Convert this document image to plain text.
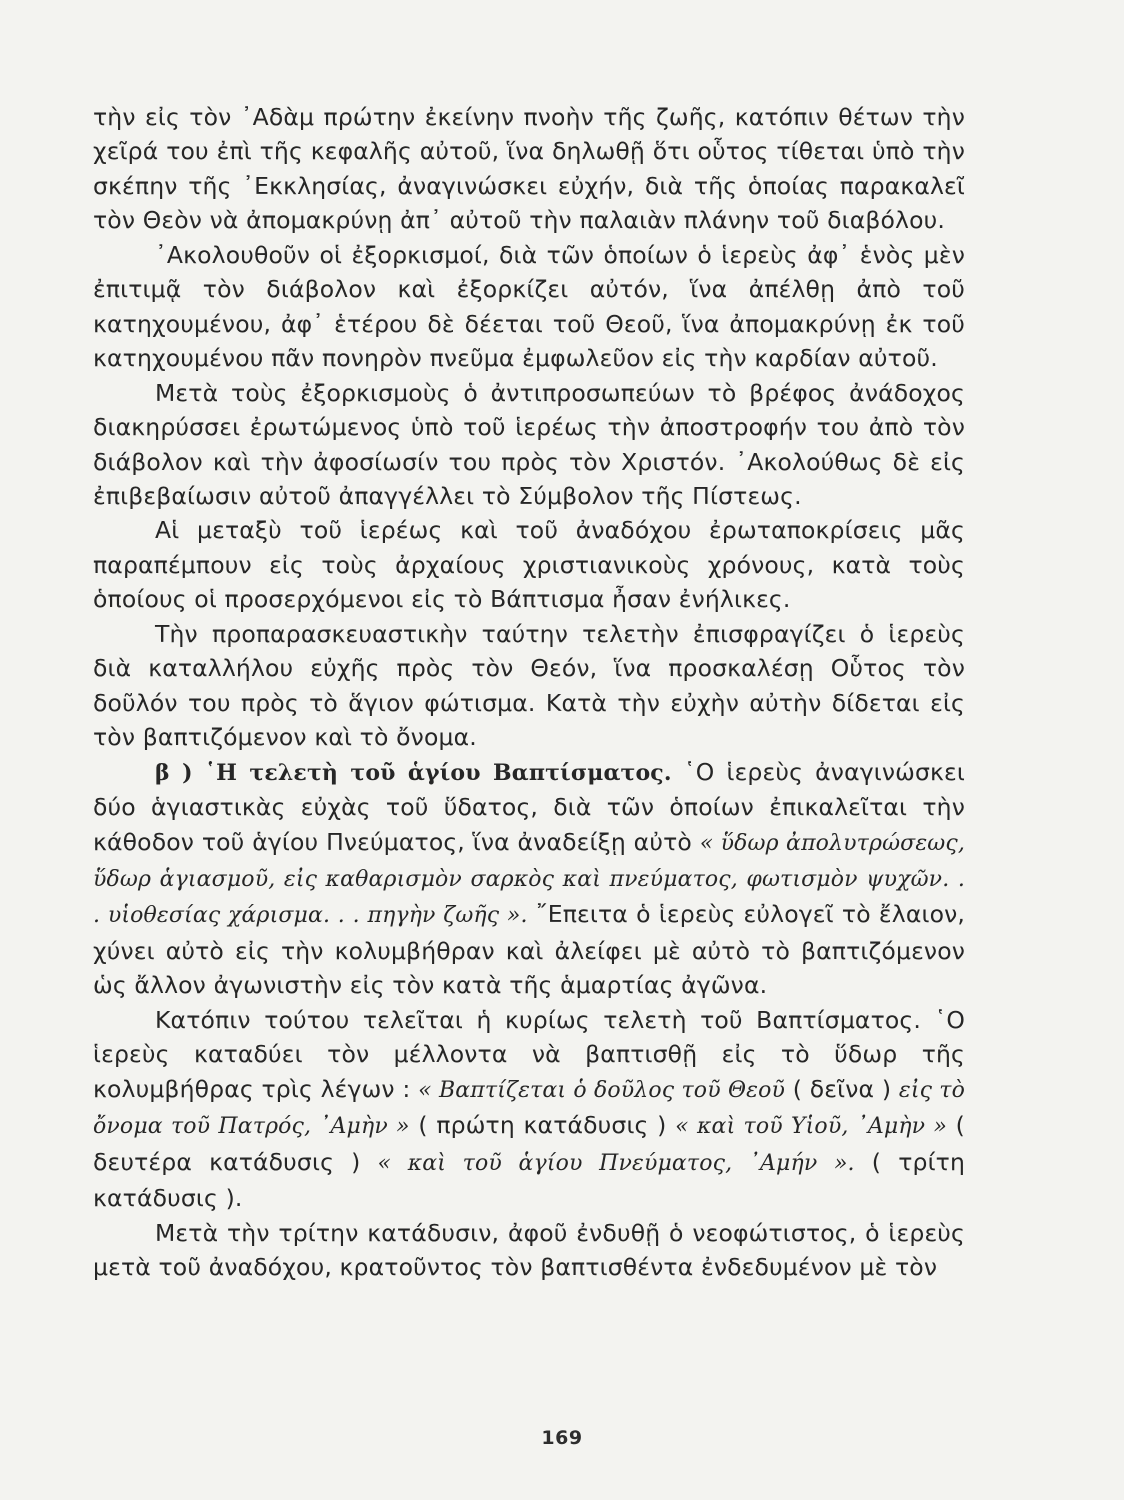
τὴν εἰς τὸν ᾿Αδὰμ πρώτην ἐκείνην πνοὴν τῆς ζωῆς, κατόπιν θέτων τὴν χεῖρά του ἐπὶ τῆς κεφαλῆς αὐτοῦ, ἵνα δηλωθῇ ὅτι οὗτος τίθεται ὑπὸ τὴν σκέπην τῆς ᾿Εκκλησίας, ἀναγινώσκει εὐχήν, διὰ τῆς ὁποίας παρακαλεῖ τὸν Θεὸν νὰ ἀπομακρύνῃ ἀπ᾿ αὐτοῦ τὴν παλαιὰν πλάνην τοῦ διαβόλου.

᾿Ακολουθοῦν οἱ ἐξορκισμοί, διὰ τῶν ὁποίων ὁ ἱερεὺς ἀφ᾿ ἑνὸς μὲν ἐπιτιμᾷ τὸν διάβολον καὶ ἐξορκίζει αὐτόν, ἵνα ἀπέλθῃ ἀπὸ τοῦ κατηχουμένου, ἀφ᾿ ἑτέρου δὲ δέεται τοῦ Θεοῦ, ἵνα ἀπομακρύνῃ ἐκ τοῦ κατηχουμένου πᾶν πονηρὸν πνεῦμα ἐμφωλεῦον εἰς τὴν καρδίαν αὐτοῦ.

Μετὰ τοὺς ἐξορκισμοὺς ὁ ἀντιπροσωπεύων τὸ βρέφος ἀνάδοχος διακηρύσσει ἐρωτώμενος ὑπὸ τοῦ ἱερέως τὴν ἀποστροφήν του ἀπὸ τὸν διάβολον καὶ τὴν ἀφοσίωσίν του πρὸς τὸν Χριστόν. ᾿Ακολούθως δὲ εἰς ἐπιβεβαίωσιν αὐτοῦ ἀπαγγέλλει τὸ Σύμβολον τῆς Πίστεως.

Αἱ μεταξὺ τοῦ ἱερέως καὶ τοῦ ἀναδόχου ἐρωταποκρίσεις μᾶς παραπέμπουν εἰς τοὺς ἀρχαίους χριστιανικοὺς χρόνους, κατὰ τοὺς ὁποίους οἱ προσερχόμενοι εἰς τὸ Βάπτισμα ἦσαν ἐνήλικες.

Τὴν προπαρασκευαστικὴν ταύτην τελετὴν ἐπισφραγίζει ὁ ἱερεὺς διὰ καταλλήλου εὐχῆς πρὸς τὸν Θεόν, ἵνα προσκαλέσῃ Οὗτος τὸν δοῦλόν του πρὸς τὸ ἅγιον φώτισμα. Κατὰ τὴν εὐχὴν αὐτὴν δίδεται εἰς τὸν βαπτιζόμενον καὶ τὸ ὄνομα.

β ) ῾Η τελετὴ τοῦ ἁγίου Βαπτίσματος. ῾Ο ἱερεὺς ἀναγινώσκει δύο ἁγιαστικὰς εὐχὰς τοῦ ὕδατος, διὰ τῶν ὁποίων ἐπικαλεῖται τὴν κάθοδον τοῦ ἁγίου Πνεύματος, ἵνα ἀναδείξῃ αὐτὸ « ὕδωρ ἀπολυτρώσεως, ὕδωρ ἁγιασμοῦ, εἰς καθαρισμὸν σαρκὸς καὶ πνεύματος, φωτισμὸν ψυχῶν. . . υἱοθεσίας χάρισμα. . . πηγὴν ζωῆς ». ῎Επειτα ὁ ἱερεὺς εὐλογεῖ τὸ ἔλαιον, χύνει αὐτὸ εἰς τὴν κολυμβήθραν καὶ ἀλείφει μὲ αὐτὸ τὸ βαπτιζόμενον ὡς ἄλλον ἀγωνιστὴν εἰς τὸν κατὰ τῆς ἁμαρτίας ἀγῶνα.

Κατόπιν τούτου τελεῖται ἡ κυρίως τελετὴ τοῦ Βαπτίσματος. ῾Ο ἱερεὺς καταδύει τὸν μέλλοντα νὰ βαπτισθῇ εἰς τὸ ὕδωρ τῆς κολυμβήθρας τρὶς λέγων : « Βαπτίζεται ὁ δοῦλος τοῦ Θεοῦ ( δεῖνα ) εἰς τὸ ὄνομα τοῦ Πατρός, ᾿Αμὴν » ( πρώτη κατάδυσις ) « καὶ τοῦ Υἱοῦ, ᾿Αμὴν » ( δευτέρα κατάδυσις ) « καὶ τοῦ ἁγίου Πνεύματος, ᾿Αμήν ». ( τρίτη κατάδυσις ).

Μετὰ τὴν τρίτην κατάδυσιν, ἀφοῦ ἐνδυθῇ ὁ νεοφώτιστος, ὁ ἱερεὺς μετὰ τοῦ ἀναδόχου, κρατοῦντος τὸν βαπτισθέντα ἐνδεδυμένον μὲ τὸν

169
